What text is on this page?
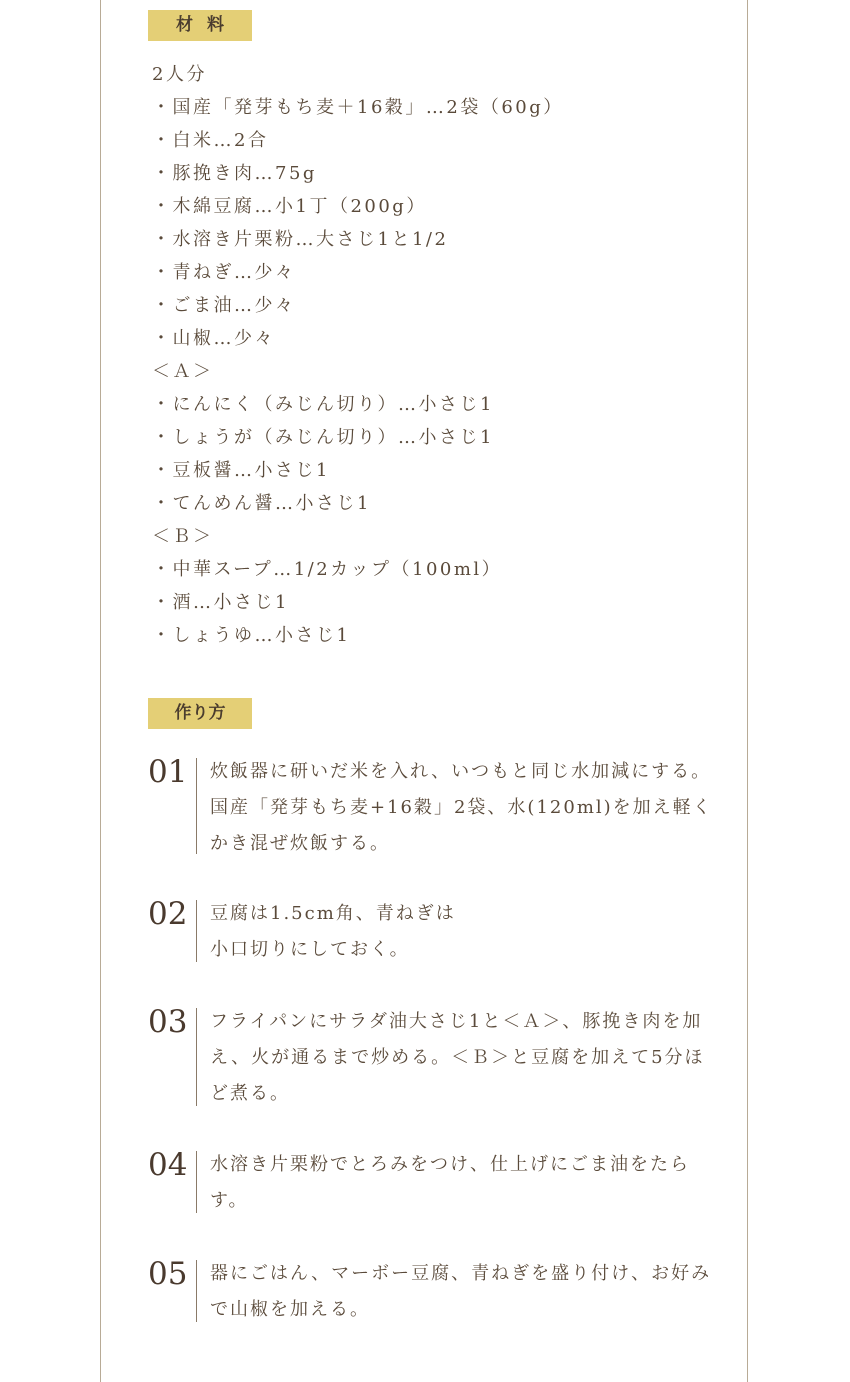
材料
2人分
・国産「発芽もち麦＋16穀」…2袋（60g）
・白米…2合
・豚挽き肉…75g
・木綿豆腐…小1丁（200g）
・水溶き片栗粉…大さじ1と1/2
・青ねぎ…少々
・ごま油…少々
・山椒…少々
＜Ａ＞
・にんにく（みじん切り）…小さじ1
・しょうが（みじん切り）…小さじ1
・豆板醤…小さじ1
・てんめん醤…小さじ1
＜Ｂ＞
・中華スープ…1/2カップ（100ml）
・酒…小さじ1
・しょうゆ…小さじ1
作り方
01 炊飯器に研いだ米を入れ、いつもと同じ水加減にする。国産「発芽もち麦+16穀」2袋、水(120ml)を加え軽くかき混ぜ炊飯する。

02 豆腐は1.5cm角、青ねぎは
小口切りにしておく。

03 フライパンにサラダ油大さじ1と＜Ａ＞、豚挽き肉を加え、火が通るまで炒める。＜Ｂ＞と豆腐を加えて5分ほど煮る。

04 水溶き片栗粉でとろみをつけ、仕上げにごま油をたらす。

05 器にごはん、マーボー豆腐、青ねぎを盛り付け、お好みで山椒を加える。
